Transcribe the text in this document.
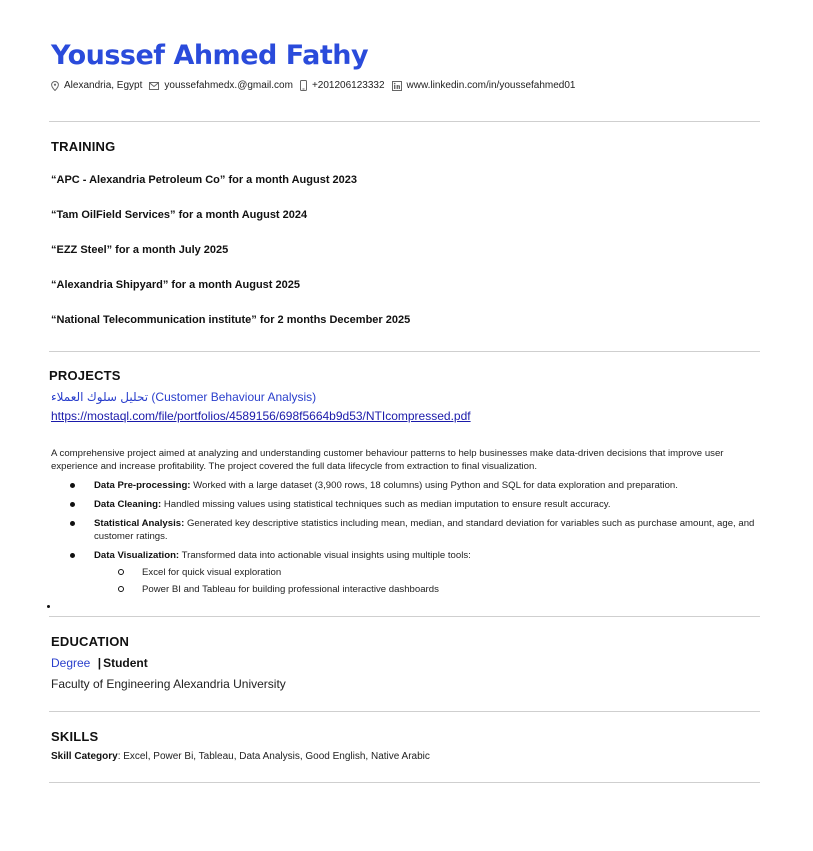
Youssef Ahmed Fathy
Alexandria, Egypt youssefahmedx.@gmail.com +201206123332 www.linkedin.com/in/youssefahmed01
TRAINING
“APC - Alexandria Petroleum Co” for a month August 2023
“Tam OilField Services” for a month August 2024
“EZZ Steel” for a month July 2025
“Alexandria Shipyard” for a month August 2025
“National Telecommunication institute” for 2 months December 2025
PROJECTS
تحليل سلوك العملاء (Customer Behaviour Analysis)
https://mostaql.com/file/portfolios/4589156/698f5664b9d53/NTIcompressed.pdf
A comprehensive project aimed at analyzing and understanding customer behaviour patterns to help businesses make data-driven decisions that improve user experience and increase profitability. The project covered the full data lifecycle from extraction to final visualization.
Data Pre-processing: Worked with a large dataset (3,900 rows, 18 columns) using Python and SQL for data exploration and preparation.
Data Cleaning: Handled missing values using statistical techniques such as median imputation to ensure result accuracy.
Statistical Analysis: Generated key descriptive statistics including mean, median, and standard deviation for variables such as purchase amount, age, and customer ratings.
Data Visualization: Transformed data into actionable visual insights using multiple tools:
Excel for quick visual exploration
Power BI and Tableau for building professional interactive dashboards
EDUCATION
Degree | Student
Faculty of Engineering Alexandria University
SKILLS
Skill Category: Excel, Power Bi, Tableau, Data Analysis, Good English, Native Arabic
